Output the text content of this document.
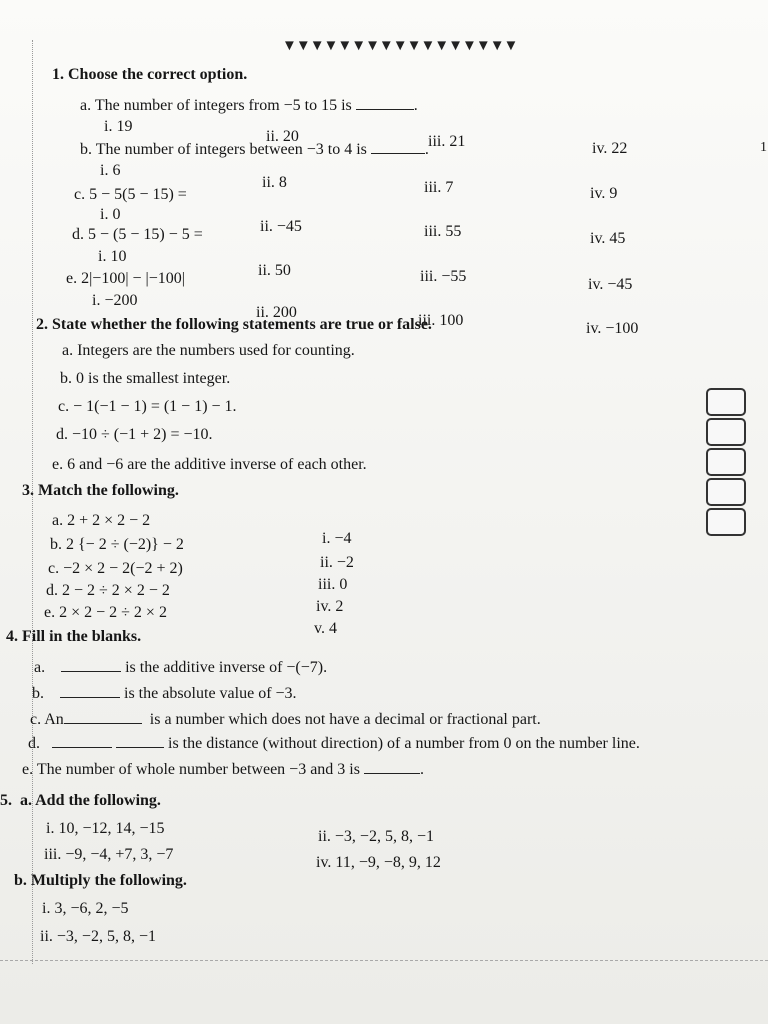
▼▼▼▼▼▼▼▼▼▼▼▼▼▼▼▼▼
1
1. Choose the correct option.
a. The number of integers from −5 to 15 is	.
i. 19
ii. 20	iii. 21	iv. 22
b. The number of integers between −3 to 4 is	.
i. 6
ii. 8	iii. 7	iv. 9
c. 5 − 5(5 − 15) =
i. 0
ii. −45	iii. 55	iv. 45
d. 5 − (5 − 15) − 5 =
i. 10
ii. 50	iii. −55	iv. −45
e. 2|−100| − |−100|
i. −200
ii. 200	iii. 100	iv. −100
2. State whether the following statements are true or false.
a. Integers are the numbers used for counting.
b. 0 is the smallest integer.
c. − 1(−1 − 1) = (1 − 1) − 1.
d. −10 ÷ (−1 + 2) = −10.
e. 6 and −6 are the additive inverse of each other.
3. Match the following.
a. 2 + 2 × 2 − 2
b. 2 {− 2 ÷ (−2)} − 2
c. −2 × 2 − 2(−2 + 2)
d. 2 − 2 ÷ 2 × 2 − 2
e. 2 × 2 − 2 ÷ 2 × 2
i. −4
ii. −2
iii. 0
iv. 2
v. 4
4. Fill in the blanks.
a.	is the additive inverse of −(−7).
b.	is the absolute value of −3.
c. An	is a number which does not have a decimal or fractional part.
d.	is the distance (without direction) of a number from 0 on the number line.
e. The number of whole number between −3 and 3 is	.
5. a. Add the following.
i. 10, −12, 14, −15	ii. −3, −2, 5, 8, −1
iii. −9, −4, +7, 3, −7	iv. 11, −9, −8, 9, 12
b. Multiply the following.
i. 3, −6, 2, −5
ii. −3, −2, 5, 8, −1
